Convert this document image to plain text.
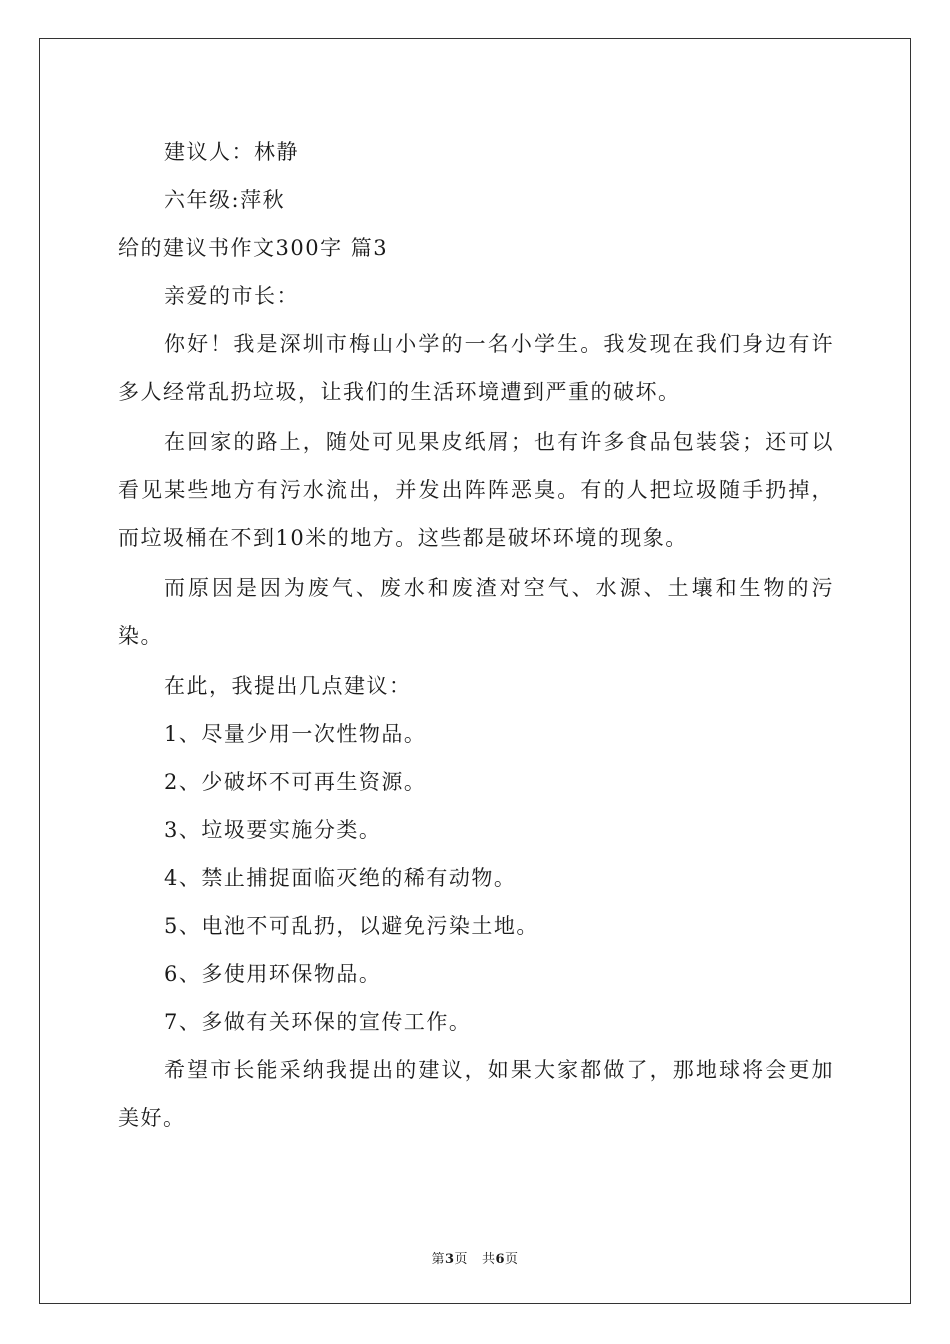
建议人：林静
六年级:萍秋
给的建议书作文300字 篇3
亲爱的市长：

你好！我是深圳市梅山小学的一名小学生。我发现在我们身边有许多人经常乱扔垃圾，让我们的生活环境遭到严重的破坏。

在回家的路上，随处可见果皮纸屑；也有许多食品包装袋；还可以看见某些地方有污水流出，并发出阵阵恶臭。有的人把垃圾随手扔掉，而垃圾桶在不到10米的地方。这些都是破坏环境的现象。

而原因是因为废气、废水和废渣对空气、水源、土壤和生物的污染。

在此，我提出几点建议：
1、尽量少用一次性物品。
2、少破坏不可再生资源。
3、垃圾要实施分类。
4、禁止捕捉面临灭绝的稀有动物。
5、电池不可乱扔，以避免污染土地。
6、多使用环保物品。
7、多做有关环保的宣传工作。

希望市长能采纳我提出的建议，如果大家都做了，那地球将会更加美好。

第3页 共6页
